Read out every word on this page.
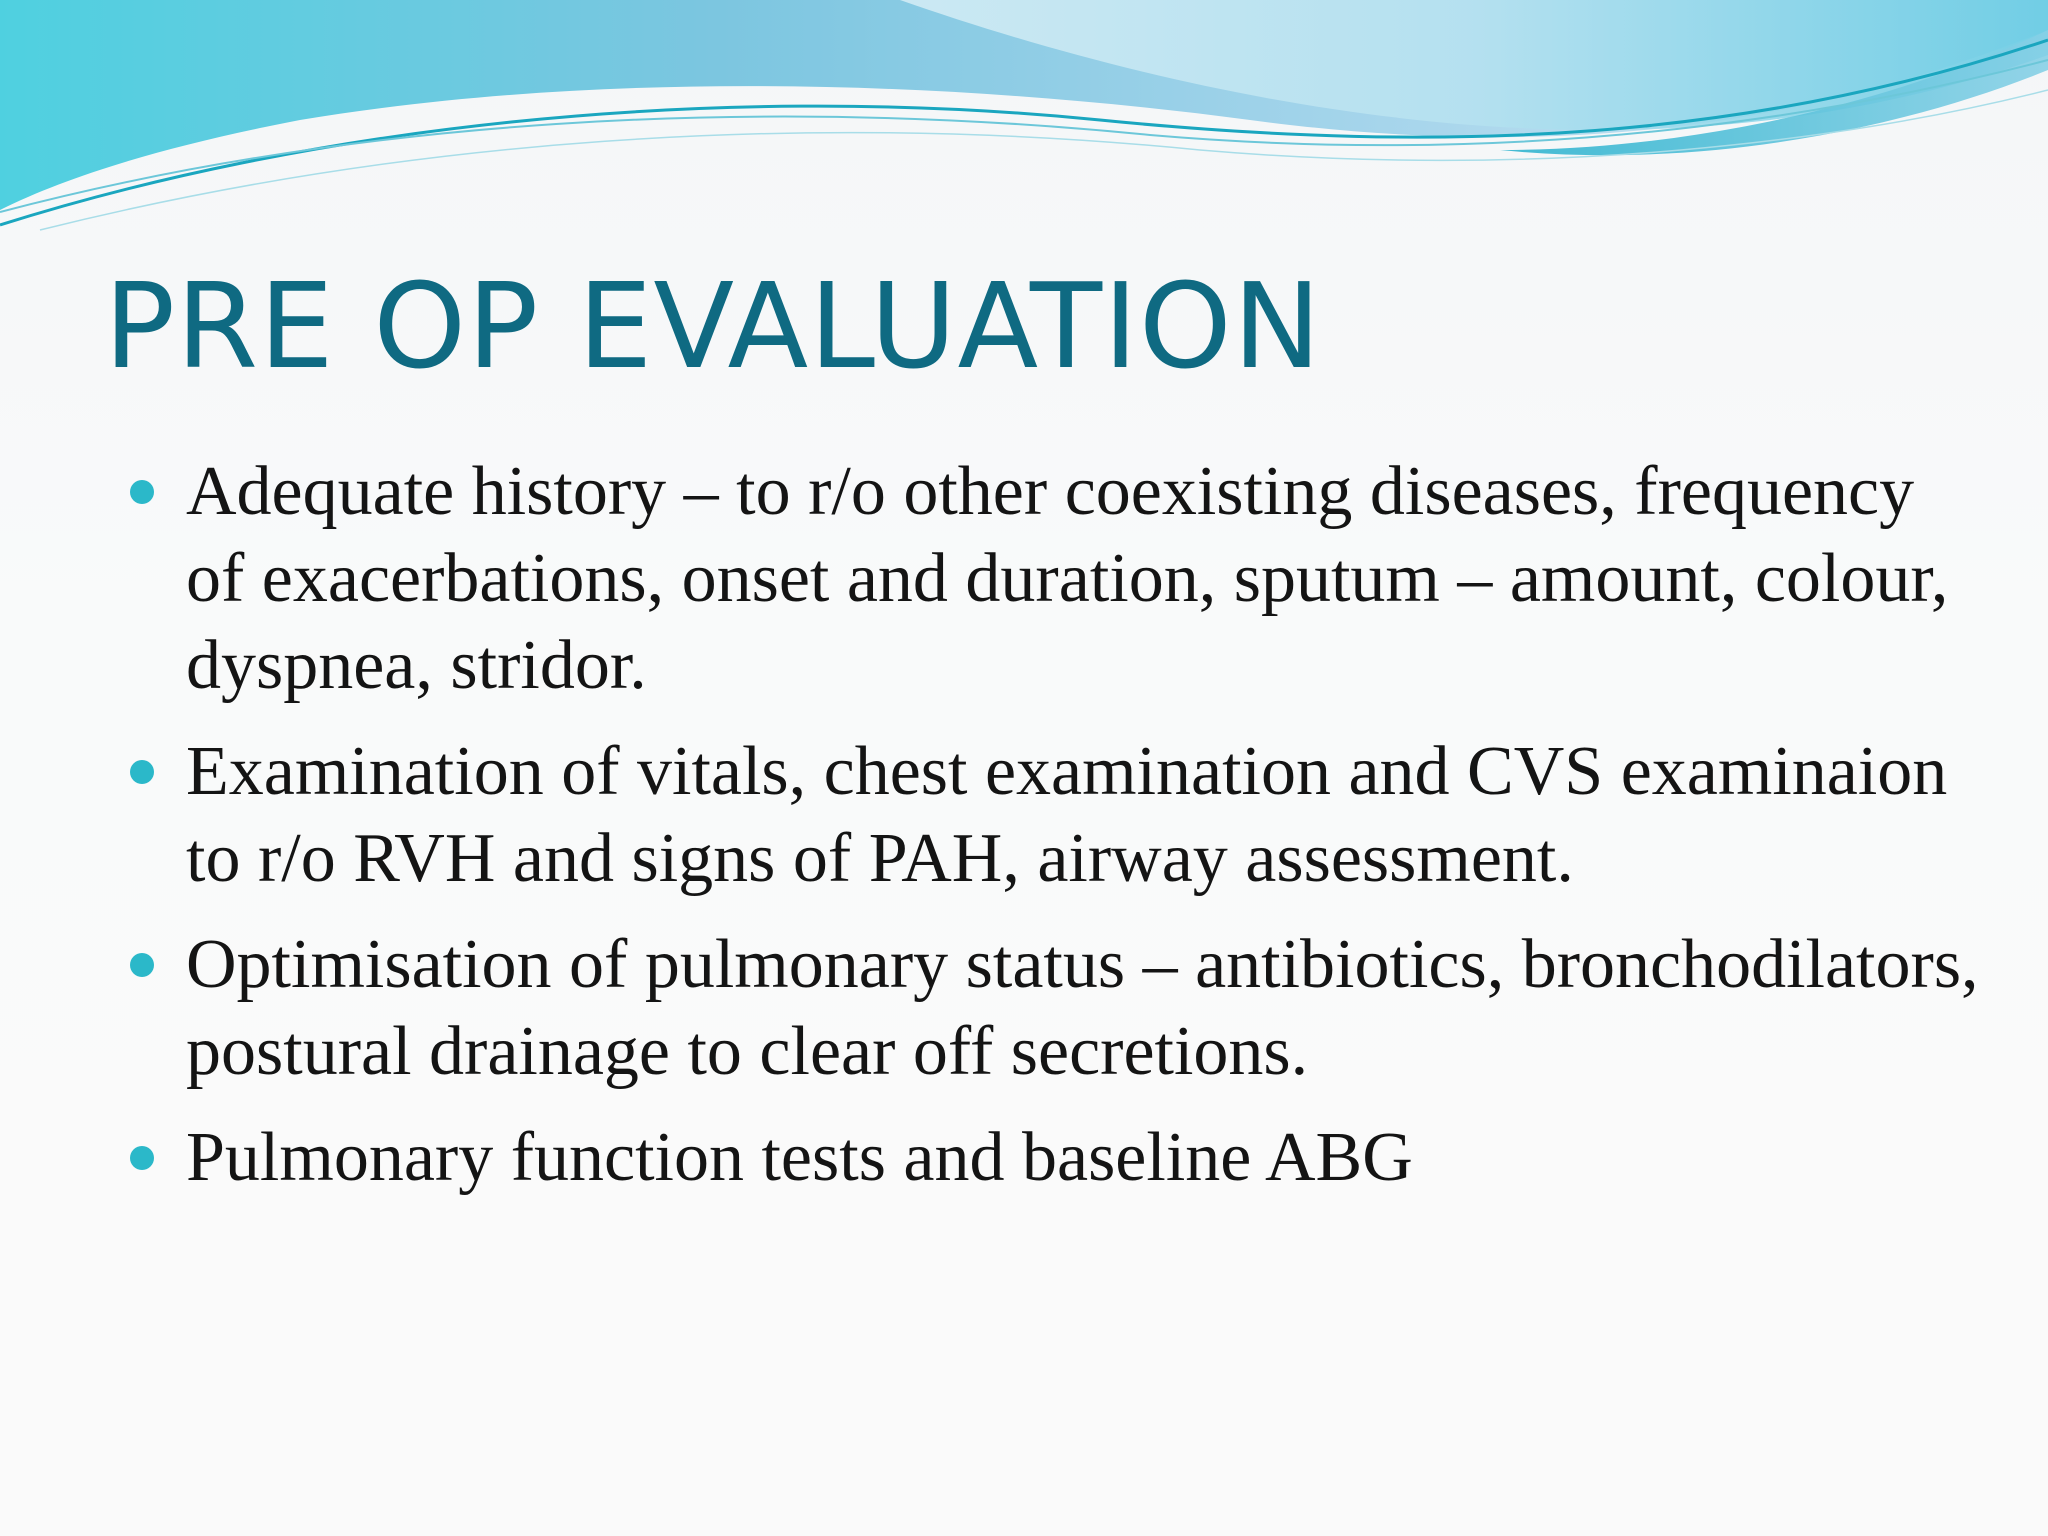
PRE OP EVALUATION
Adequate history – to r/o other coexisting diseases, frequency of exacerbations, onset and duration, sputum – amount, colour, dyspnea, stridor.
Examination of vitals, chest examination and CVS examinaion to r/o RVH and signs of PAH, airway assessment.
Optimisation of pulmonary status – antibiotics, bronchodilators, postural drainage to clear off secretions.
Pulmonary function tests and baseline ABG
